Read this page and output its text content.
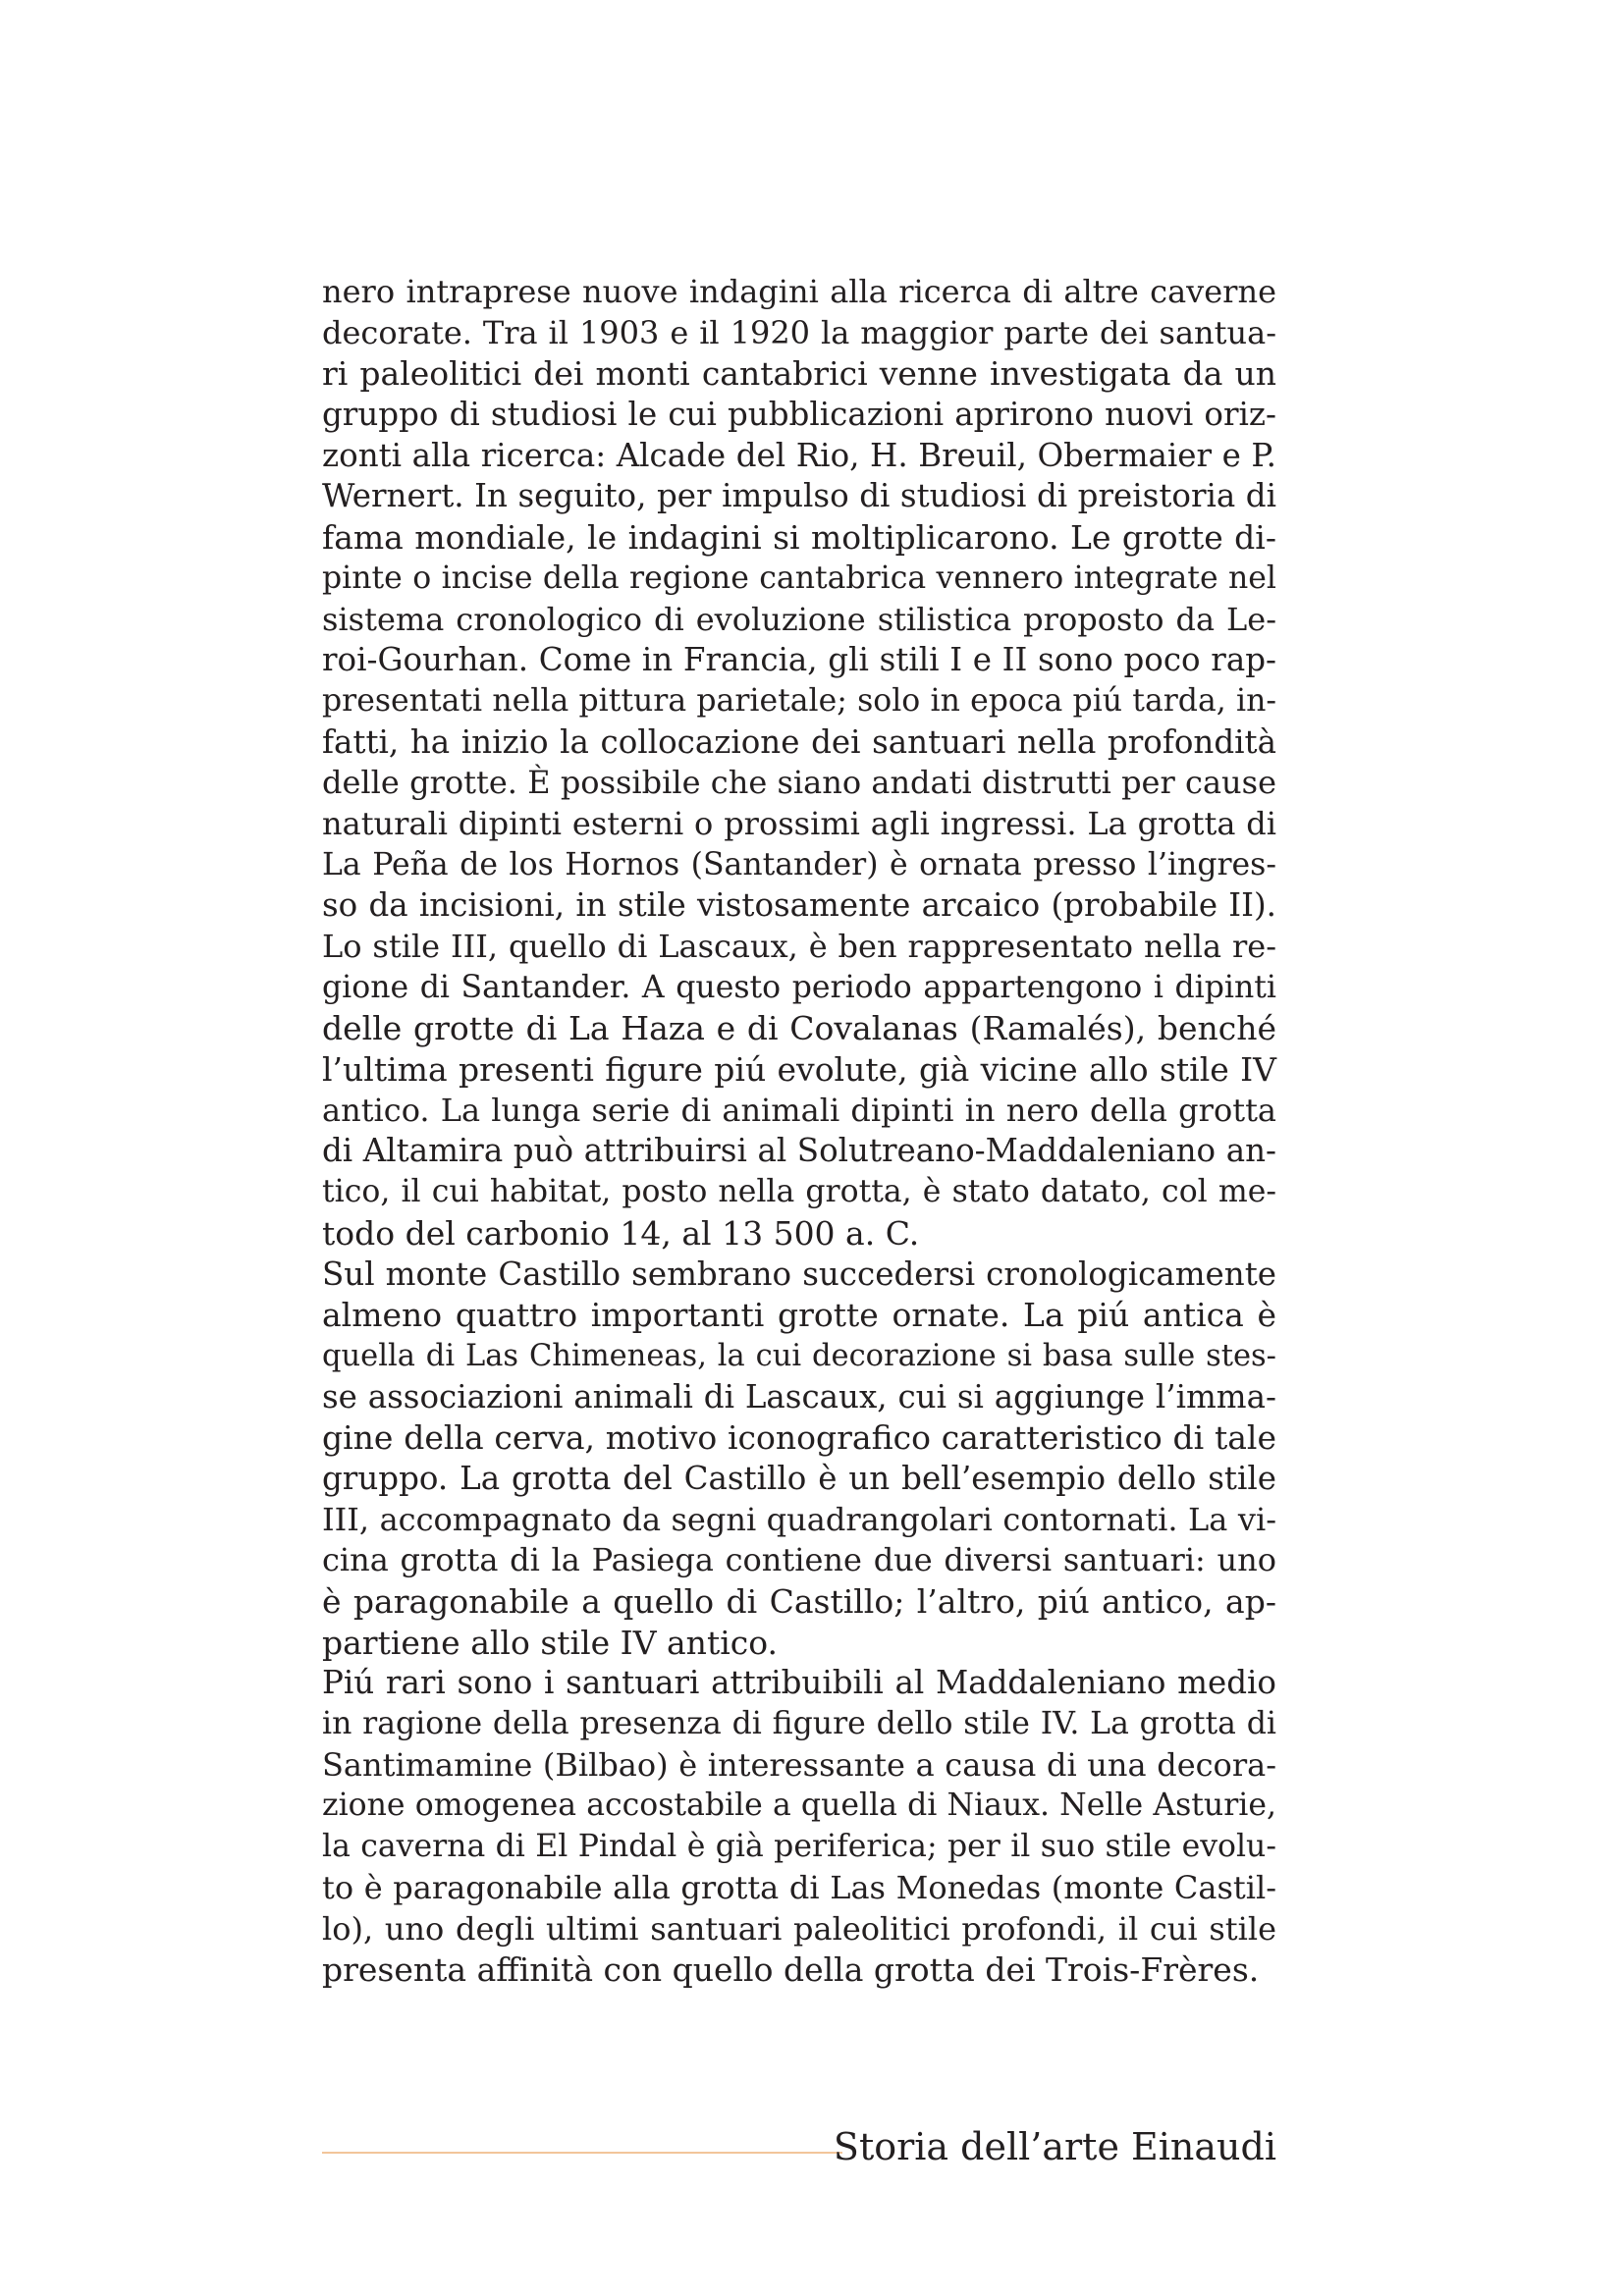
nero intraprese nuove indagini alla ricerca di altre caverne
decorate. Tra il 1903 e il 1920 la maggior parte dei santua-
ri paleolitici dei monti cantabrici venne investigata da un
gruppo di studiosi le cui pubblicazioni aprirono nuovi oriz-
zonti alla ricerca: Alcade del Rio, H. Breuil, Obermaier e P.
Wernert. In seguito, per impulso di studiosi di preistoria di
fama mondiale, le indagini si moltiplicarono. Le grotte di-
pinte o incise della regione cantabrica vennero integrate nel
sistema cronologico di evoluzione stilistica proposto da Le-
roi-Gourhan. Come in Francia, gli stili I e II sono poco rap-
presentati nella pittura parietale; solo in epoca piú tarda, in-
fatti, ha inizio la collocazione dei santuari nella profondità
delle grotte. È possibile che siano andati distrutti per cause
naturali dipinti esterni o prossimi agli ingressi. La grotta di
La Peña de los Hornos (Santander) è ornata presso l’ingres-
so da incisioni, in stile vistosamente arcaico (probabile II).
Lo stile III, quello di Lascaux, è ben rappresentato nella re-
gione di Santander. A questo periodo appartengono i dipinti
delle grotte di La Haza e di Covalanas (Ramalés), benché
l’ultima presenti figure piú evolute, già vicine allo stile IV
antico. La lunga serie di animali dipinti in nero della grotta
di Altamira può attribuirsi al Solutreano-Maddaleniano an-
tico, il cui habitat, posto nella grotta, è stato datato, col me-
todo del carbonio 14, al 13 500 a. C.
Sul monte Castillo sembrano succedersi cronologicamente
almeno quattro importanti grotte ornate. La piú antica è
quella di Las Chimeneas, la cui decorazione si basa sulle stes-
se associazioni animali di Lascaux, cui si aggiunge l’imma-
gine della cerva, motivo iconografico caratteristico di tale
gruppo. La grotta del Castillo è un bell’esempio dello stile
III, accompagnato da segni quadrangolari contornati. La vi-
cina grotta di la Pasiega contiene due diversi santuari: uno
è paragonabile a quello di Castillo; l’altro, piú antico, ap-
partiene allo stile IV antico.
Piú rari sono i santuari attribuibili al Maddaleniano medio
in ragione della presenza di figure dello stile IV. La grotta di
Santimamine (Bilbao) è interessante a causa di una decora-
zione omogenea accostabile a quella di Niaux. Nelle Asturie,
la caverna di El Pindal è già periferica; per il suo stile evolu-
to è paragonabile alla grotta di Las Monedas (monte Castil-
lo), uno degli ultimi santuari paleolitici profondi, il cui stile
presenta affinità con quello della grotta dei Trois-Frères.
Storia dell’arte Einaudi
